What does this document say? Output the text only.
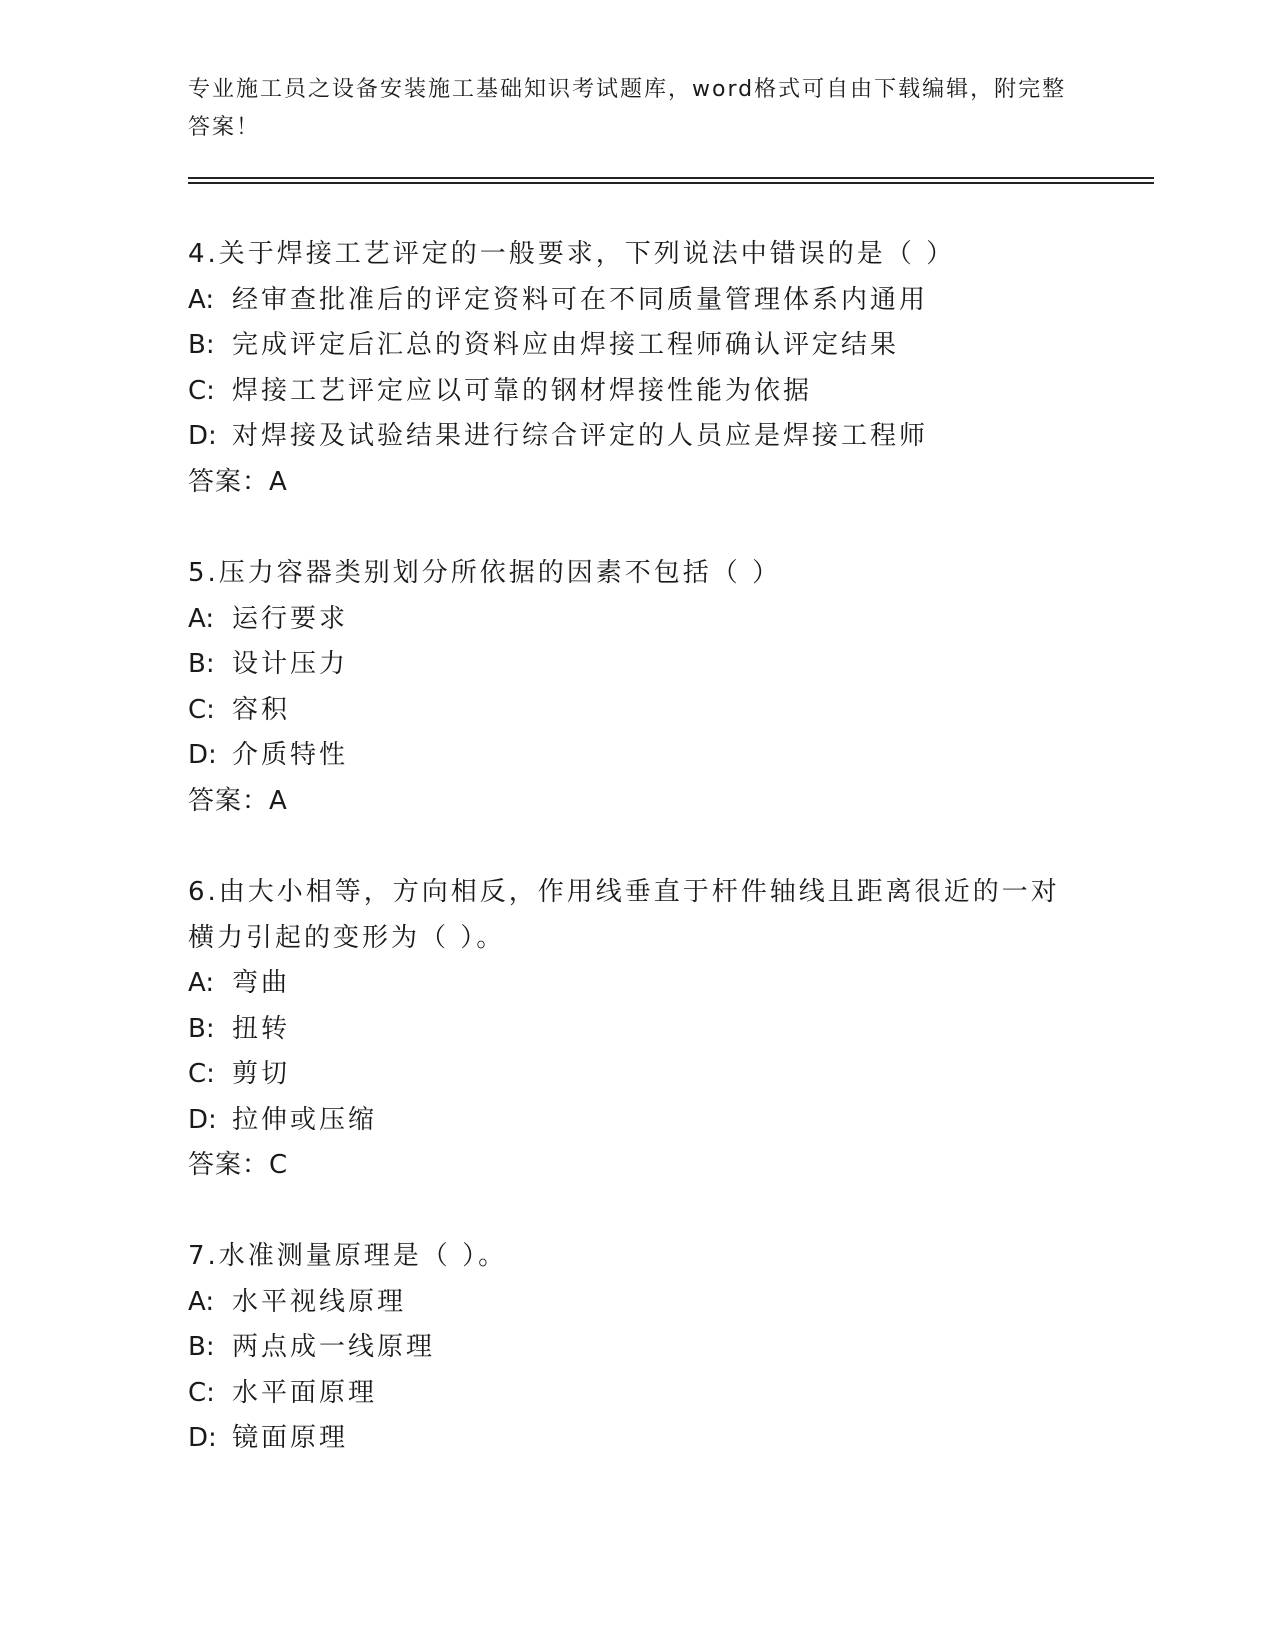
专业施工员之设备安装施工基础知识考试题库，word格式可自由下载编辑，附完整答案！
4.关于焊接工艺评定的一般要求，下列说法中错误的是（ ）
A: 经审查批准后的评定资料可在不同质量管理体系内通用
B: 完成评定后汇总的资料应由焊接工程师确认评定结果
C: 焊接工艺评定应以可靠的钢材焊接性能为依据
D: 对焊接及试验结果进行综合评定的人员应是焊接工程师
答案：A
5.压力容器类别划分所依据的因素不包括（ ）
A: 运行要求
B: 设计压力
C: 容积
D: 介质特性
答案：A
6.由大小相等，方向相反，作用线垂直于杆件轴线且距离很近的一对
横力引起的变形为（ ）。
A: 弯曲
B: 扭转
C: 剪切
D: 拉伸或压缩
答案：C
7.水准测量原理是（ ）。
A: 水平视线原理
B: 两点成一线原理
C: 水平面原理
D: 镜面原理
